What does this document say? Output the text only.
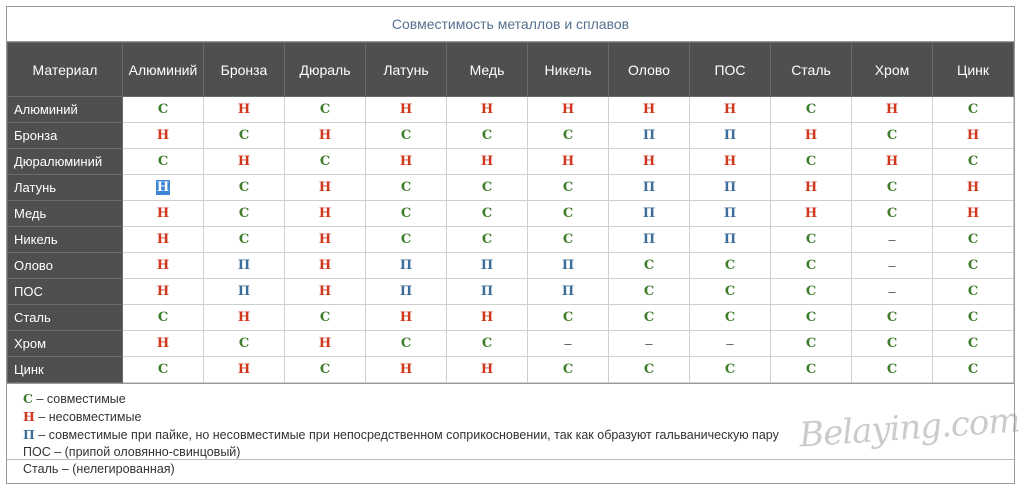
Совместимость металлов и сплавов
Материал	Алюминий	Бронза	Дюраль	Латунь	Медь	Никель	Олово	ПОС	Сталь	Хром	Цинк
Алюминий	С	Н	С	Н	Н	Н	Н	Н	С	Н	С
Бронза	Н	С	Н	С	С	С	П	П	Н	С	Н
Дюралюминий	С	Н	С	Н	Н	Н	Н	Н	С	Н	С
Латунь	Н	С	Н	С	С	С	П	П	Н	С	Н
Медь	Н	С	Н	С	С	С	П	П	Н	С	Н
Никель	Н	С	Н	С	С	С	П	П	С	–	С
Олово	Н	П	Н	П	П	П	С	С	С	–	С
ПОС	Н	П	Н	П	П	П	С	С	С	–	С
Сталь	С	Н	С	Н	Н	С	С	С	С	С	С
Хром	Н	С	Н	С	С	–	–	–	С	С	С
Цинк	С	Н	С	Н	Н	С	С	С	С	С	С
С – совместимые
Н – несовместимые
П – совместимые при пайке, но несовместимые при непосредственном соприкосновении, так как образуют гальваническую пару
ПОС – (припой оловянно-свинцовый)
Сталь – (нелегированная)
Belaying.com
